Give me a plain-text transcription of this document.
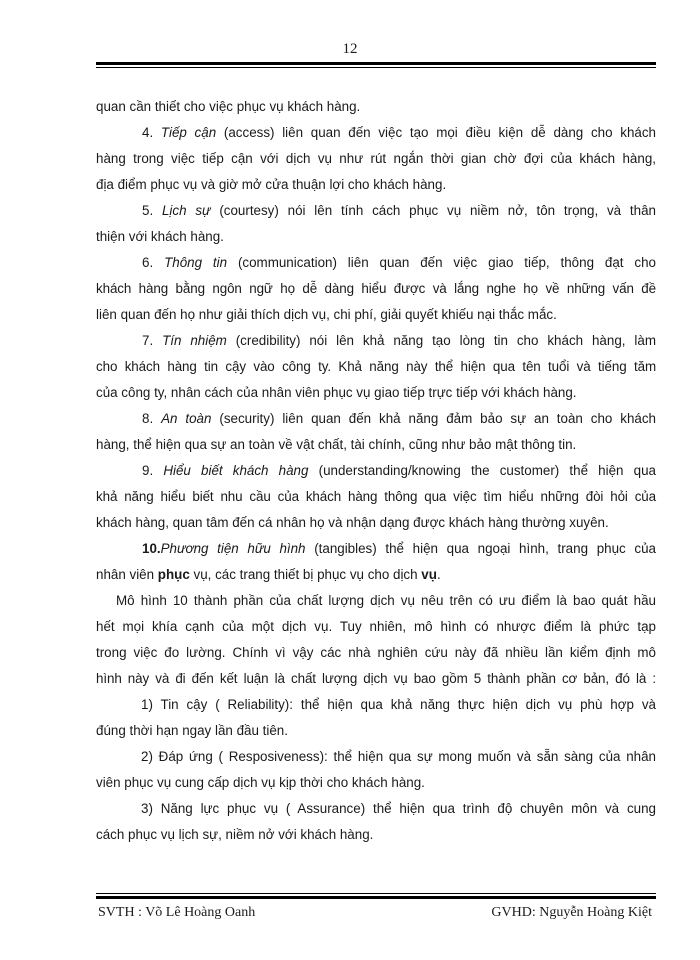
12
quan cần thiết cho việc phục vụ khách hàng.
4. Tiếp cận (access) liên quan đến việc tạo mọi điều kiện dễ dàng cho khách
hàng trong việc tiếp cận với dịch vụ như rút ngắn thời gian chờ đợi của khách hàng,
địa điểm phục vụ và giờ mở cửa thuận lợi cho khách hàng.
5. Lịch sự (courtesy) nói lên tính cách phục vụ niềm nở, tôn trọng, và thân
thiện với khách hàng.
6. Thông tin (communication) liên quan đến việc giao tiếp, thông đạt cho
khách hàng bằng ngôn ngữ họ dễ dàng hiểu được và lắng nghe họ về những vấn đề
liên quan đến họ như giải thích dịch vụ, chi phí, giải quyết khiếu nại thắc mắc.
7. Tín nhiệm (credibility) nói lên khả năng tạo lòng tin cho khách hàng, làm
cho khách hàng tin cậy vào công ty. Khả năng này thể hiện qua tên tuổi và tiếng tăm
của công ty, nhân cách của nhân viên phục vụ giao tiếp trực tiếp với khách hàng.
8. An toàn (security) liên quan đến khả năng đảm bảo sự an toàn cho khách
hàng, thể hiện qua sự an toàn về vật chất, tài chính, cũng như bảo mật thông tin.
9. Hiểu biết khách hàng (understanding/knowing the customer) thể hiện qua
khả năng hiểu biết nhu cầu của khách hàng thông qua việc tìm hiểu những đòi hỏi của
khách hàng, quan tâm đến cá nhân họ và nhận dạng được khách hàng thường xuyên.
10.Phương tiện hữu hình (tangibles) thể hiện qua ngoại hình, trang phục của
nhân viên phục vụ, các trang thiết bị phục vụ cho dịch vụ.
Mô hình 10 thành phần của chất lượng dịch vụ nêu trên có ưu điểm là bao quát hầu
hết mọi khía cạnh của một dịch vụ. Tuy nhiên, mô hình có nhược điểm là phức tạp
trong việc đo lường. Chính vì vậy các nhà nghiên cứu này đã nhiều lần kiểm định mô
hình này và đi đến kết luận là chất lượng dịch vụ bao gồm 5 thành phần cơ bản, đó là :
1) Tin cậy ( Reliability): thể hiện qua khả năng thực hiện dịch vụ phù hợp và
đúng thời hạn ngay lần đầu tiên.
2) Đáp ứng ( Resposiveness): thể hiện qua sự mong muốn và sẵn sàng của nhân
viên phục vụ cung cấp dịch vụ kịp thời cho khách hàng.
3) Năng lực phục vụ ( Assurance) thể hiện qua trình độ chuyên môn và cung
cách phục vụ lịch sự, niềm nở với khách hàng.
SVTH : Võ Lê Hoàng Oanh	GVHD: Nguyễn Hoàng Kiệt
